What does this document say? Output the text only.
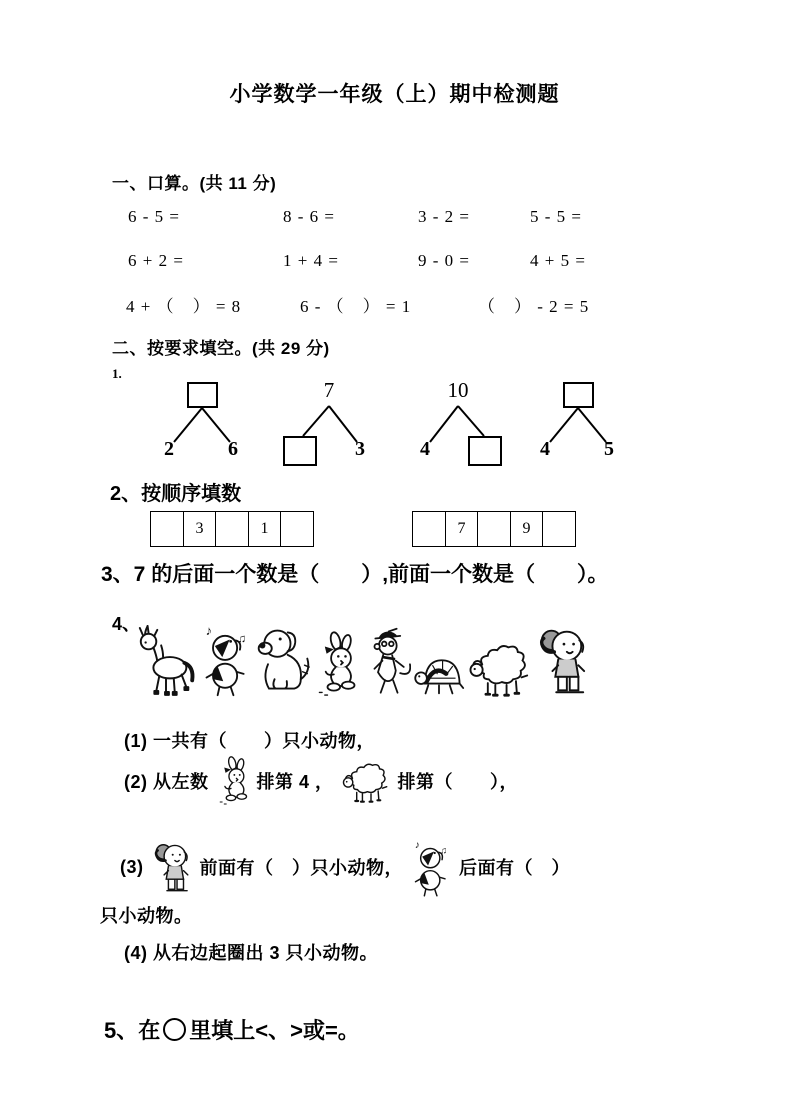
小学数学一年级（上）期中检测题
一、口算。(共 11 分)
6 - 5 =	8 - 6 =	3 - 2 =	5 - 5 =
6 + 2 =	1 + 4 =	9 - 0 =	4 + 5 =
4 + （　） = 8	6 - （　） = 1	（　） - 2 = 5
二、按要求填空。(共 29 分)
1.
2	6
7
3
10
4	4	5
2、按顺序填数
3	1	7	9
3、7 的后面一个数是（　　）,前面一个数是（　　）。
4、
(1) 一共有（　　）只小动物，
(2) 从左数	排第 4 ，	排第（　　），
(3)	前面有（　）只小动物，	后面有（　）
只小动物。
(4) 从右边起圈出 3 只小动物。
5、在 里填上<、>或=。
